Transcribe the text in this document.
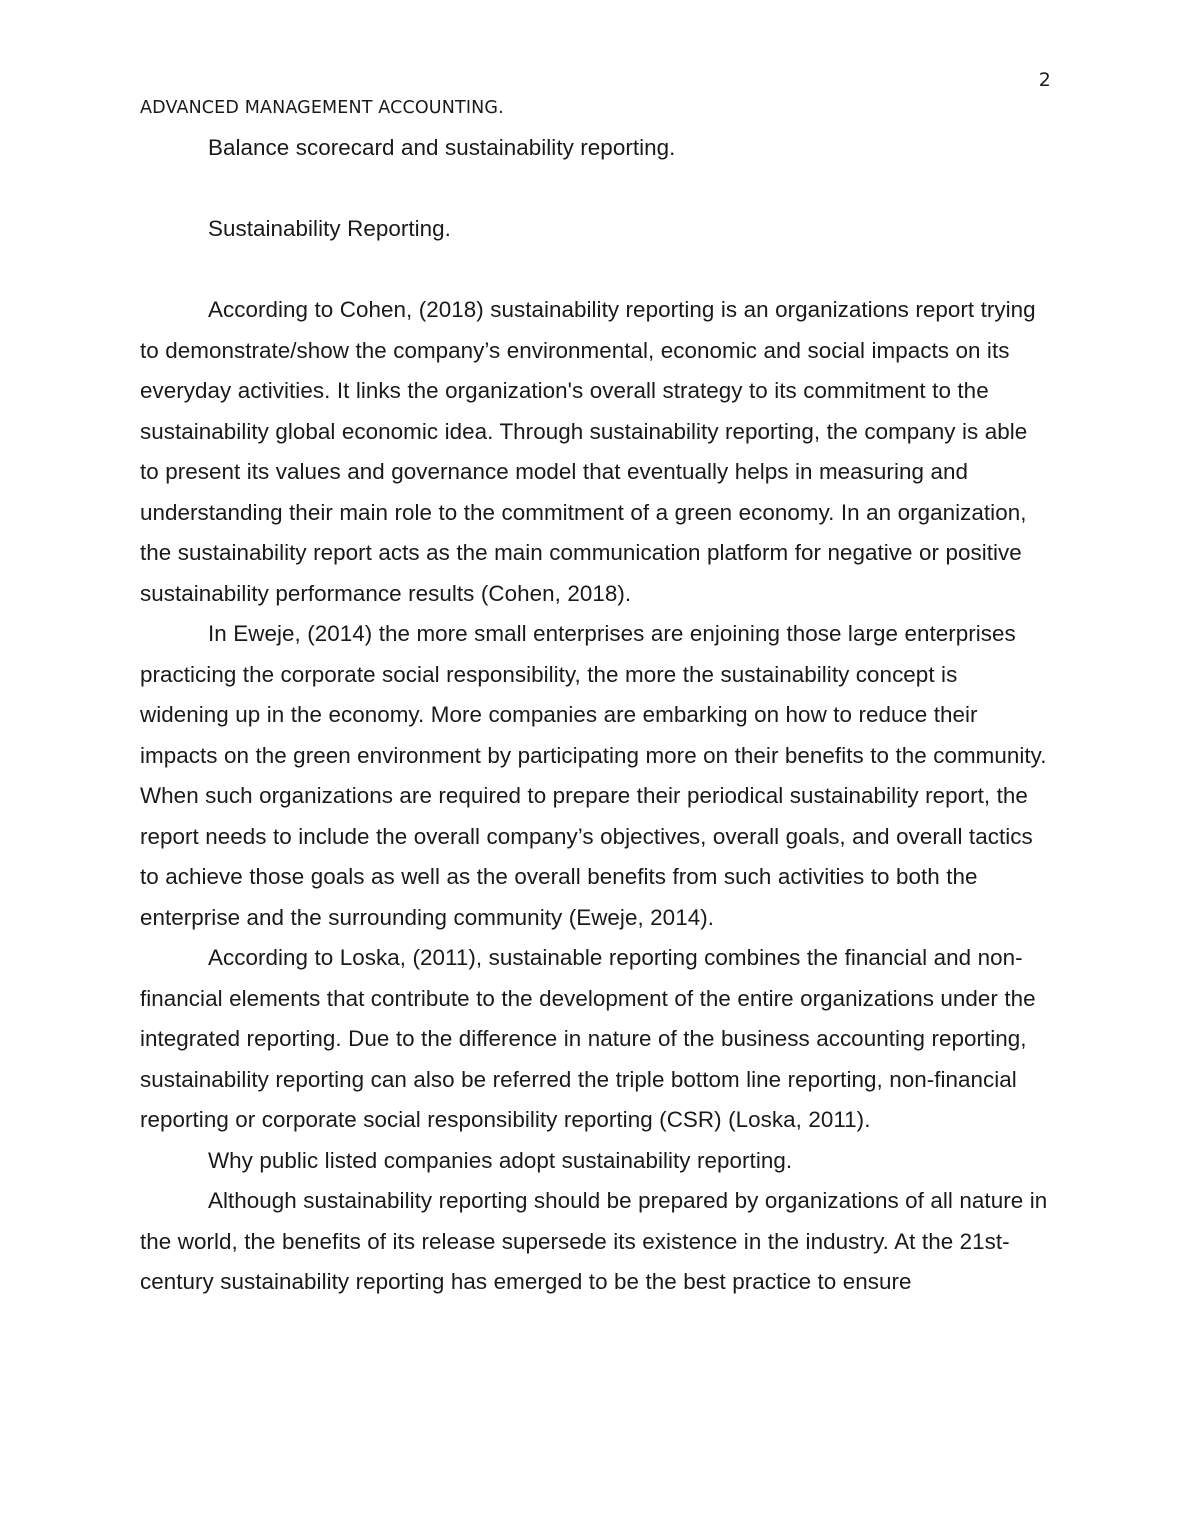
2
ADVANCED MANAGEMENT ACCOUNTING.

Balance scorecard and sustainability reporting.

Sustainability Reporting.

According to Cohen, (2018) sustainability reporting is an organizations report trying to demonstrate/show the company’s environmental, economic and social impacts on its everyday activities. It links the organization's overall strategy to its commitment to the sustainability global economic idea. Through sustainability reporting, the company is able to present its values and governance model that eventually helps in measuring and understanding their main role to the commitment of a green economy. In an organization, the sustainability report acts as the main communication platform for negative or positive sustainability performance results (Cohen, 2018).

In Eweje, (2014) the more small enterprises are enjoining those large enterprises practicing the corporate social responsibility, the more the sustainability concept is widening up in the economy. More companies are embarking on how to reduce their impacts on the green environment by participating more on their benefits to the community. When such organizations are required to prepare their periodical sustainability report, the report needs to include the overall company’s objectives, overall goals, and overall tactics to achieve those goals as well as the overall benefits from such activities to both the enterprise and the surrounding community (Eweje, 2014).

According to Loska, (2011), sustainable reporting combines the financial and non-financial elements that contribute to the development of the entire organizations under the integrated reporting. Due to the difference in nature of the business accounting reporting, sustainability reporting can also be referred the triple bottom line reporting, non-financial reporting or corporate social responsibility reporting (CSR) (Loska, 2011).

Why public listed companies adopt sustainability reporting.

Although sustainability reporting should be prepared by organizations of all nature in the world, the benefits of its release supersede its existence in the industry. At the 21st-century sustainability reporting has emerged to be the best practice to ensure
